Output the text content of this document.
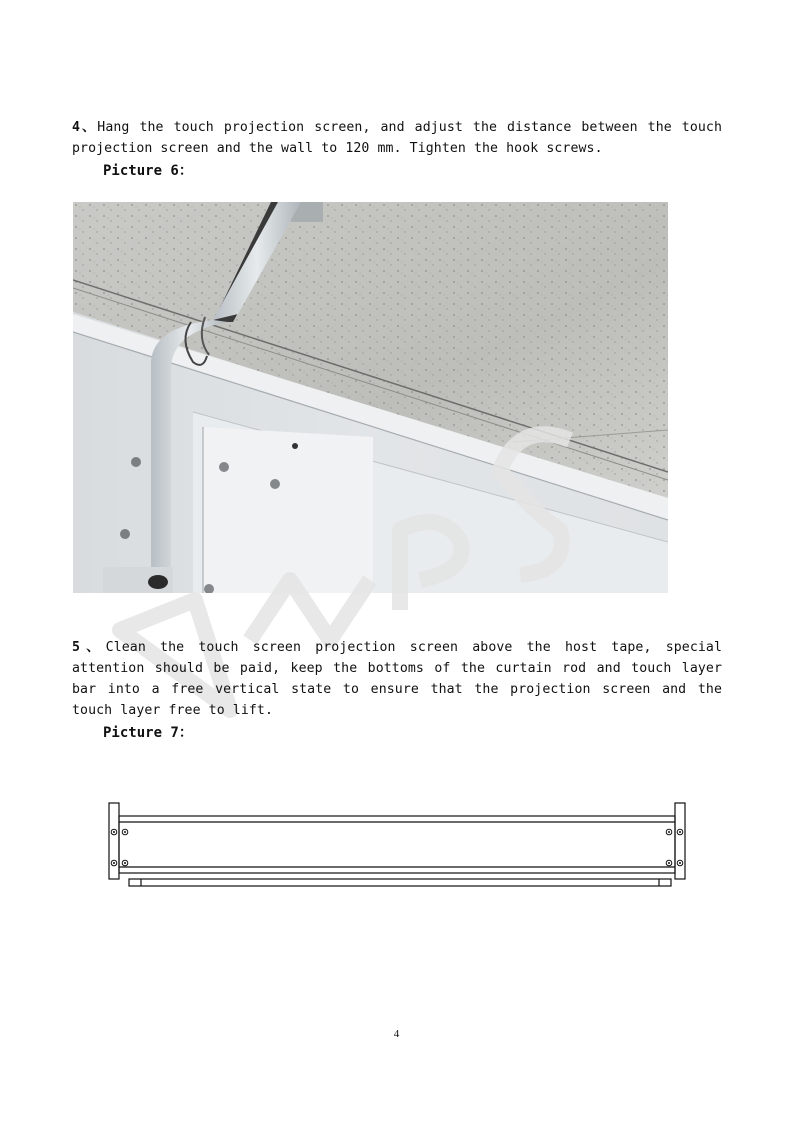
4、Hang the touch projection screen, and adjust the distance between the touch projection screen and the wall to 120 mm. Tighten the hook screws.

Picture 6：

5、Clean the touch screen projection screen above the host tape, special attention should be paid, keep the bottoms of the curtain rod and touch layer bar into a free vertical state to ensure that the projection screen and the touch layer free to lift.

Picture 7：

4
